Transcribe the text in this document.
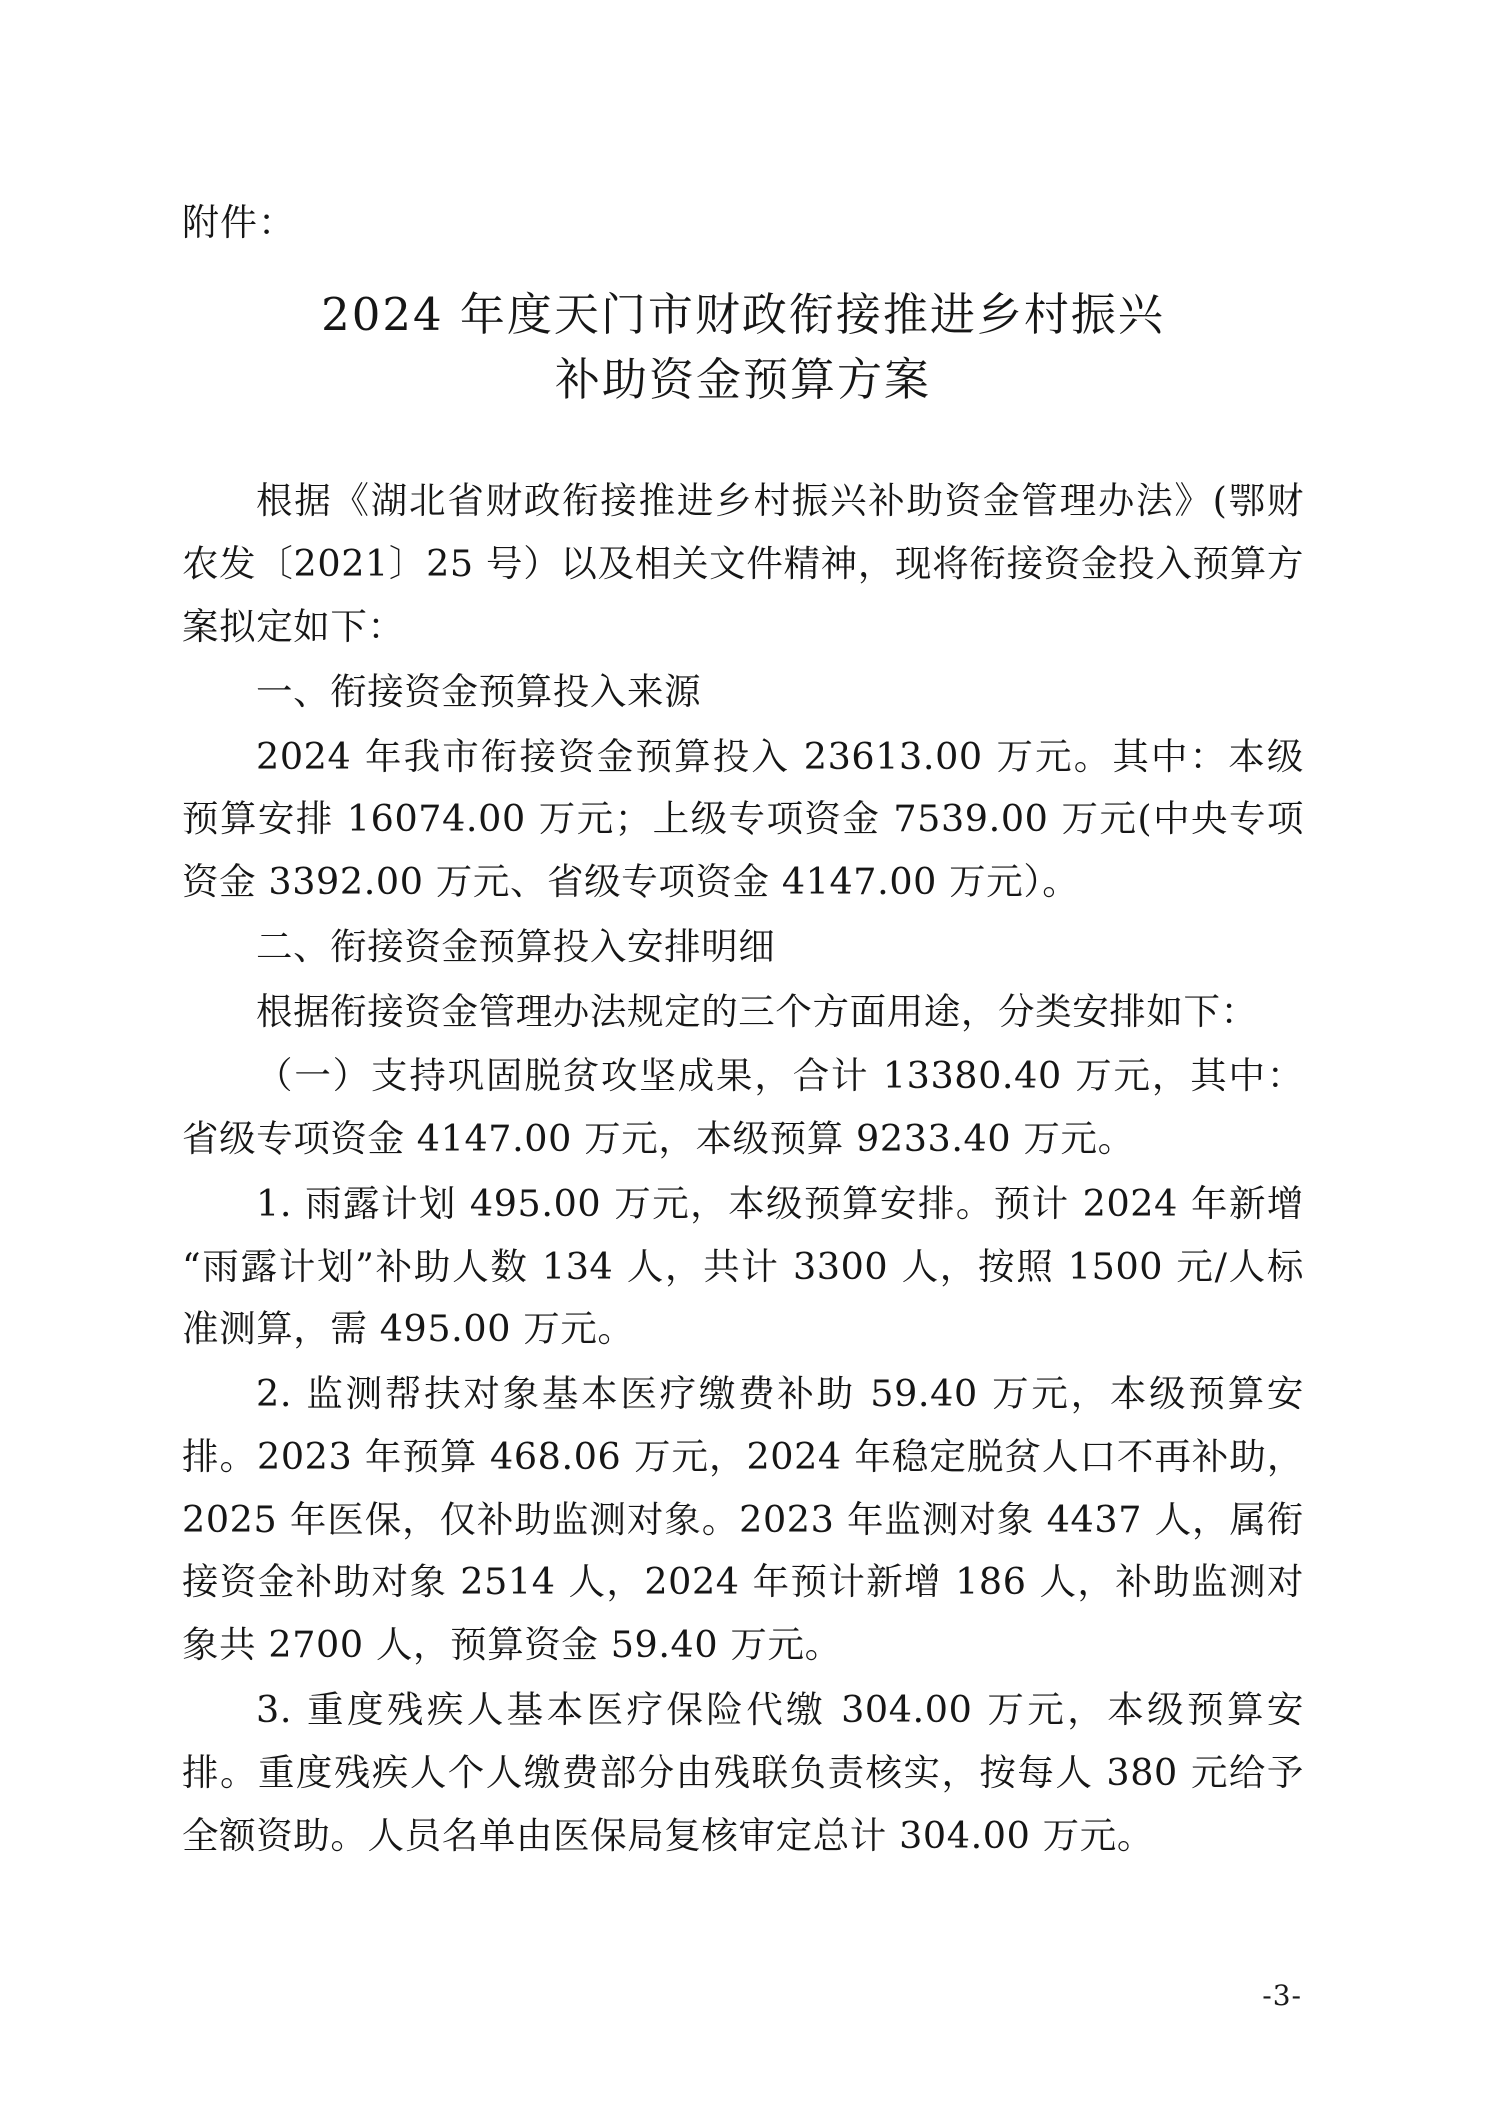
附件：
2024 年度天门市财政衔接推进乡村振兴
补助资金预算方案

根据《湖北省财政衔接推进乡村振兴补助资金管理办法》(鄂财农发〔2021〕25 号）以及相关文件精神，现将衔接资金投入预算方案拟定如下：

一、衔接资金预算投入来源

2024 年我市衔接资金预算投入 23613.00 万元。其中：本级预算安排 16074.00 万元；上级专项资金 7539.00 万元(中央专项资金 3392.00 万元、省级专项资金 4147.00 万元）。

二、衔接资金预算投入安排明细

根据衔接资金管理办法规定的三个方面用途，分类安排如下：

（一）支持巩固脱贫攻坚成果，合计 13380.40 万元，其中：省级专项资金 4147.00 万元，本级预算 9233.40 万元。

1. 雨露计划 495.00 万元，本级预算安排。预计 2024 年新增“雨露计划”补助人数 134 人，共计 3300 人，按照 1500 元/人标准测算，需 495.00 万元。

2. 监测帮扶对象基本医疗缴费补助 59.40 万元，本级预算安排。2023 年预算 468.06 万元，2024 年稳定脱贫人口不再补助，2025 年医保，仅补助监测对象。2023 年监测对象 4437 人，属衔接资金补助对象 2514 人，2024 年预计新增 186 人，补助监测对象共 2700 人，预算资金 59.40 万元。

3. 重度残疾人基本医疗保险代缴 304.00 万元，本级预算安排。重度残疾人个人缴费部分由残联负责核实，按每人 380 元给予全额资助。人员名单由医保局复核审定总计 304.00 万元。

-3-
